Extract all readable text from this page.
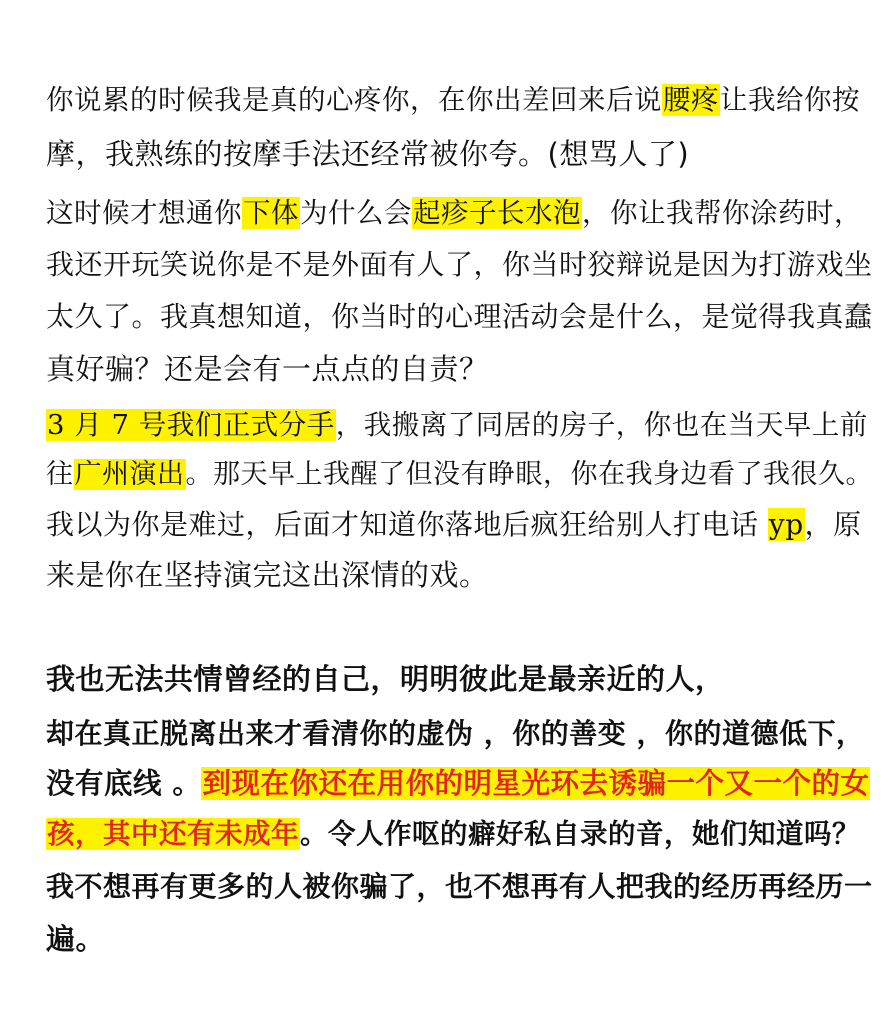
你说累的时候我是真的心疼你，在你出差回来后说腰疼让我给你按
摩，我熟练的按摩手法还经常被你夸。(想骂人了)
这时候才想通你下体为什么会起疹子长水泡，你让我帮你涂药时，
我还开玩笑说你是不是外面有人了，你当时狡辩说是因为打游戏坐
太久了。我真想知道，你当时的心理活动会是什么，是觉得我真蠢
真好骗？还是会有一点点的自责？
3 月 7 号我们正式分手，我搬离了同居的房子，你也在当天早上前
往广州演出。那天早上我醒了但没有睁眼，你在我身边看了我很久。
我以为你是难过，后面才知道你落地后疯狂给别人打电话 yp，原
来是你在坚持演完这出深情的戏。
我也无法共情曾经的自己，明明彼此是最亲近的人，
却在真正脱离出来才看清你的虚伪 ，你的善变 ，你的道德低下，
没有底线 。到现在你还在用你的明星光环去诱骗一个又一个的女
孩，其中还有未成年。令人作呕的癖好私自录的音，她们知道吗？
我不想再有更多的人被你骗了，也不想再有人把我的经历再经历一
遍。
